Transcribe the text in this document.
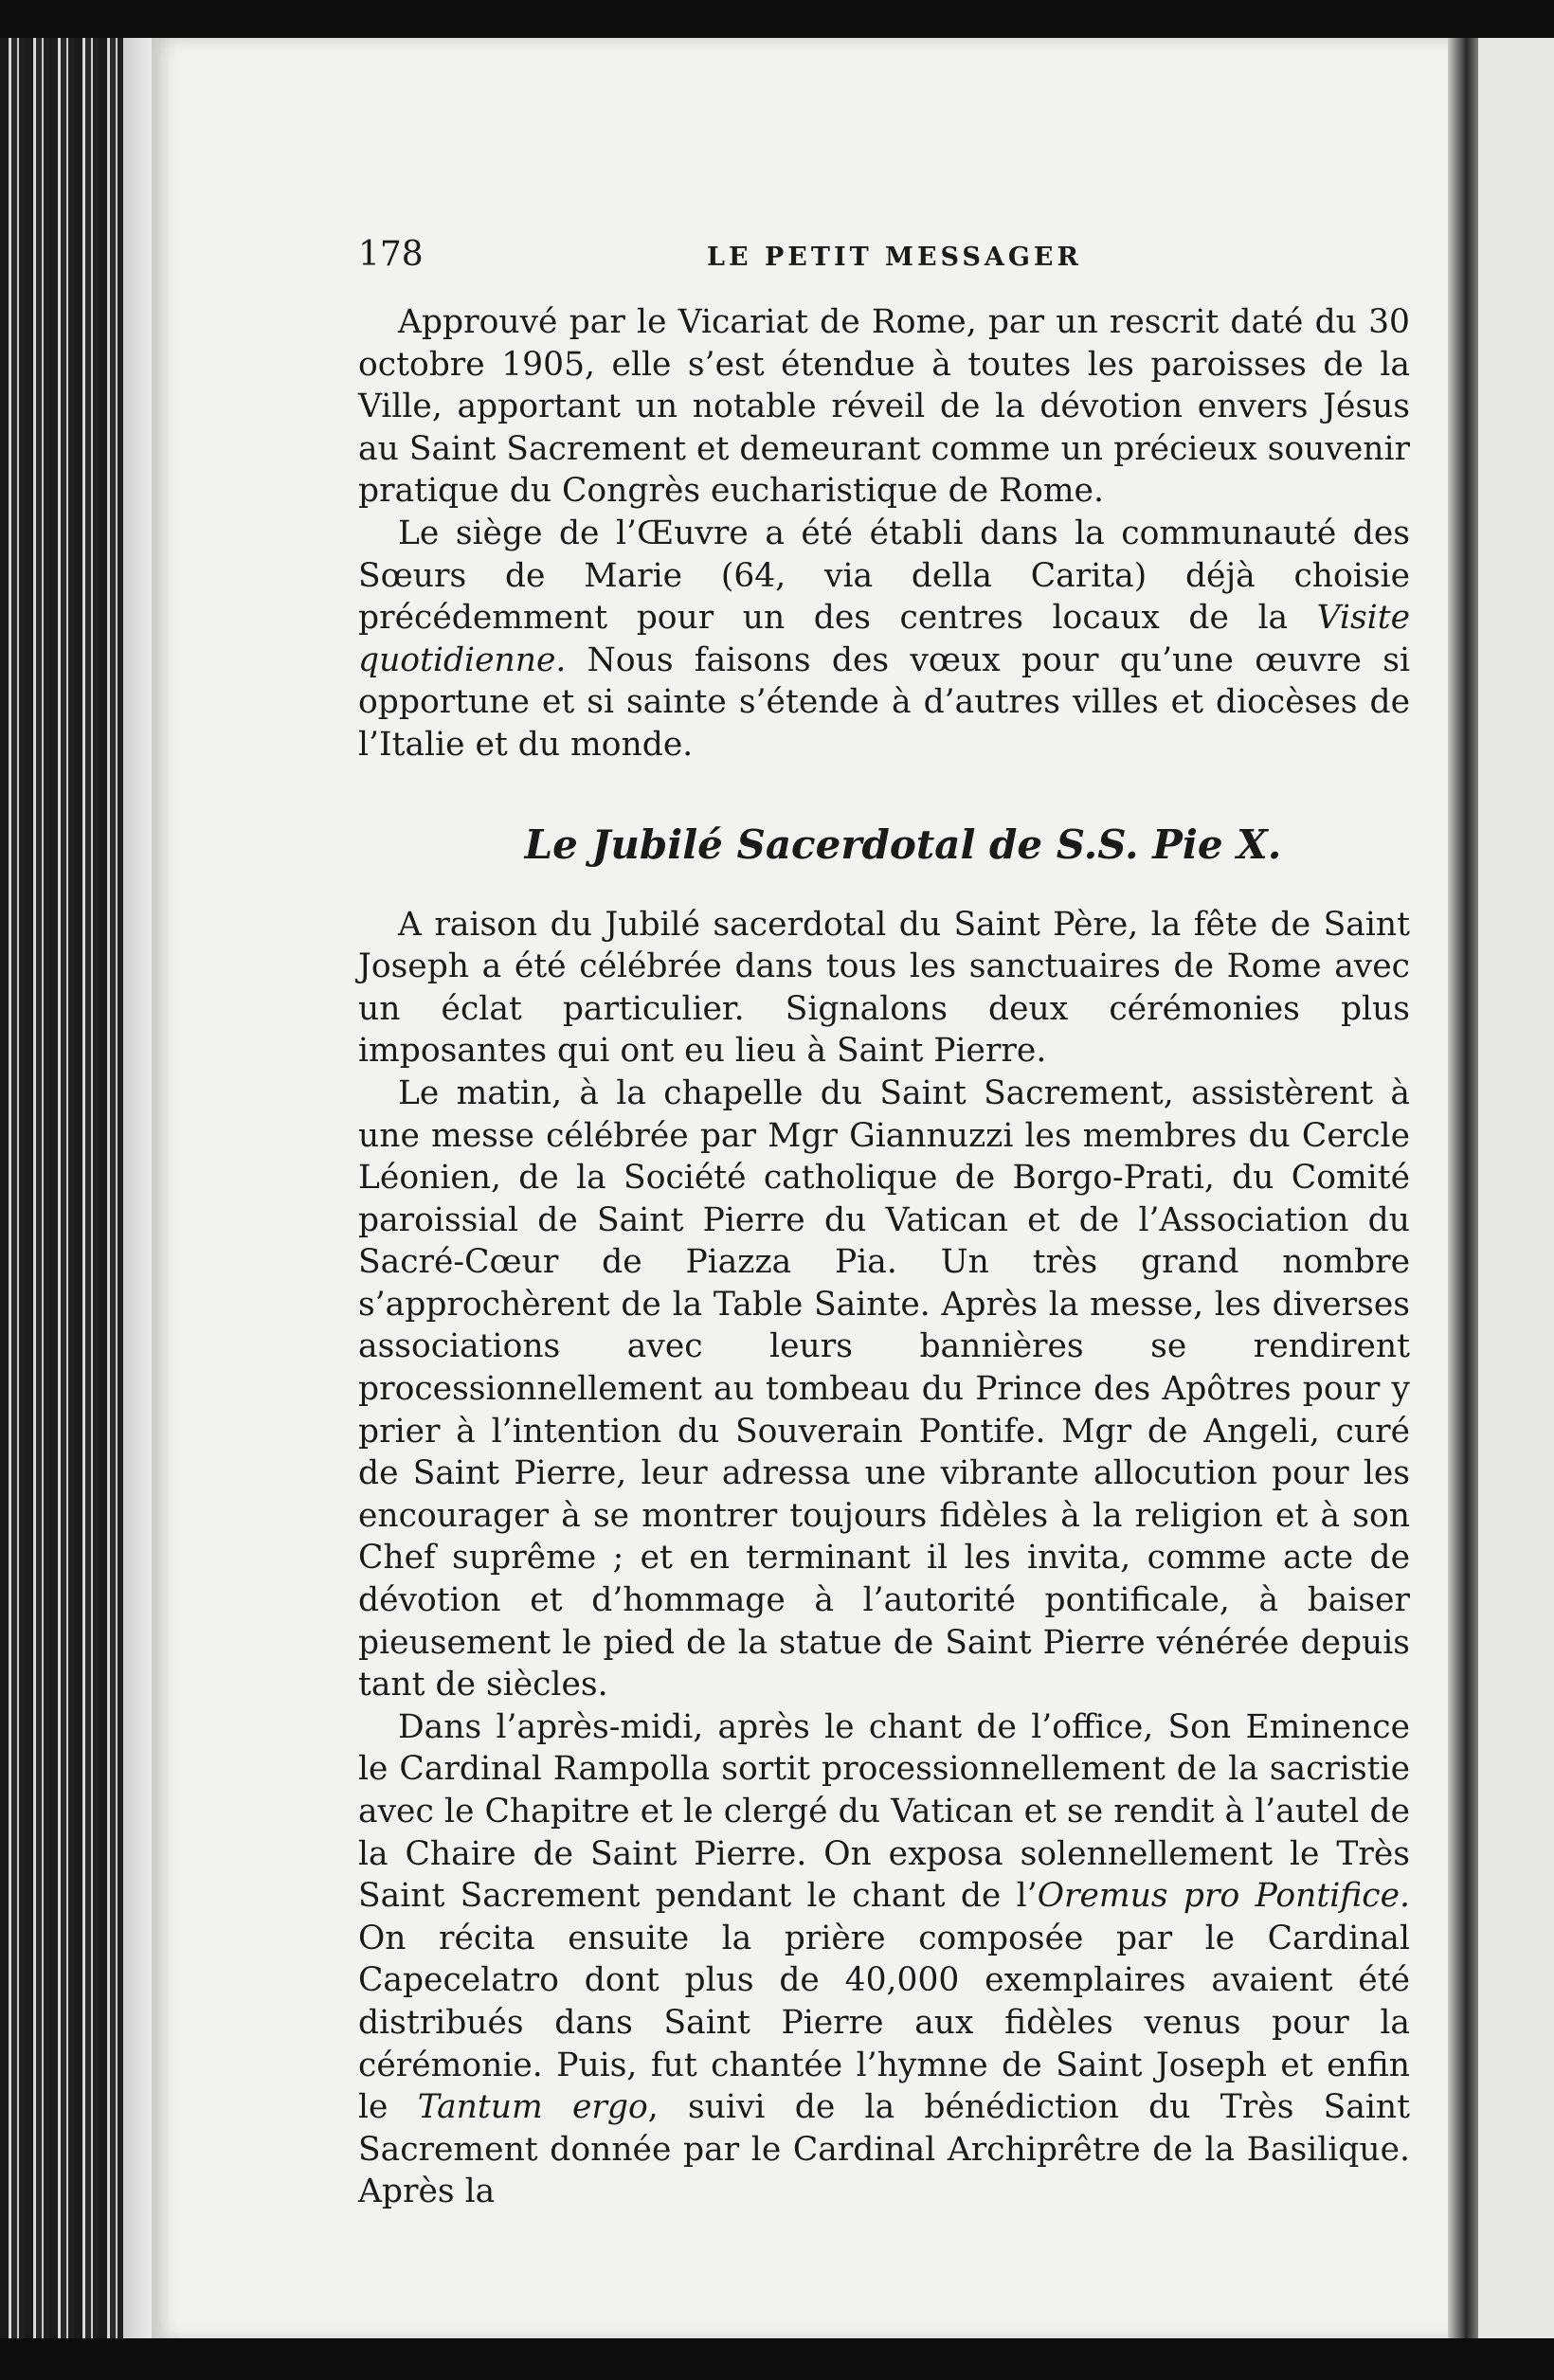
178	LE PETIT MESSAGER

Approuvé par le Vicariat de Rome, par un rescrit daté du 30 octobre 1905, elle s’est étendue à toutes les paroisses de la Ville, apportant un notable réveil de la dévotion envers Jésus au Saint Sacrement et demeurant comme un précieux souvenir pratique du Congrès eucharistique de Rome.

Le siège de l’Œuvre a été établi dans la communauté des Sœurs de Marie (64, via della Carita) déjà choisie précédemment pour un des centres locaux de la Visite quotidienne. Nous faisons des vœux pour qu’une œuvre si opportune et si sainte s’étende à d’autres villes et diocèses de l’Italie et du monde.

Le Jubilé Sacerdotal de S.S. Pie X.

A raison du Jubilé sacerdotal du Saint Père, la fête de Saint Joseph a été célébrée dans tous les sanctuaires de Rome avec un éclat particulier. Signalons deux cérémonies plus imposantes qui ont eu lieu à Saint Pierre.

Le matin, à la chapelle du Saint Sacrement, assistèrent à une messe célébrée par Mgr Giannuzzi les membres du Cercle Léonien, de la Société catholique de Borgo-Prati, du Comité paroissial de Saint Pierre du Vatican et de l’Association du Sacré-Cœur de Piazza Pia. Un très grand nombre s’approchèrent de la Table Sainte. Après la messe, les diverses associations avec leurs bannières se rendirent processionnellement au tombeau du Prince des Apôtres pour y prier à l’intention du Souverain Pontife. Mgr de Angeli, curé de Saint Pierre, leur adressa une vibrante allocution pour les encourager à se montrer toujours fidèles à la religion et à son Chef suprême ; et en terminant il les invita, comme acte de dévotion et d’hommage à l’autorité pontificale, à baiser pieusement le pied de la statue de Saint Pierre vénérée depuis tant de siècles.

Dans l’après-midi, après le chant de l’office, Son Eminence le Cardinal Rampolla sortit processionnellement de la sacristie avec le Chapitre et le clergé du Vatican et se rendit à l’autel de la Chaire de Saint Pierre. On exposa solennellement le Très Saint Sacrement pendant le chant de l’Oremus pro Pontifice. On récita ensuite la prière composée par le Cardinal Capecelatro dont plus de 40,000 exemplaires avaient été distribués dans Saint Pierre aux fidèles venus pour la cérémonie. Puis, fut chantée l’hymne de Saint Joseph et enfin le Tantum ergo, suivi de la bénédiction du Très Saint Sacrement donnée par le Cardinal Archiprêtre de la Basilique. Après la
